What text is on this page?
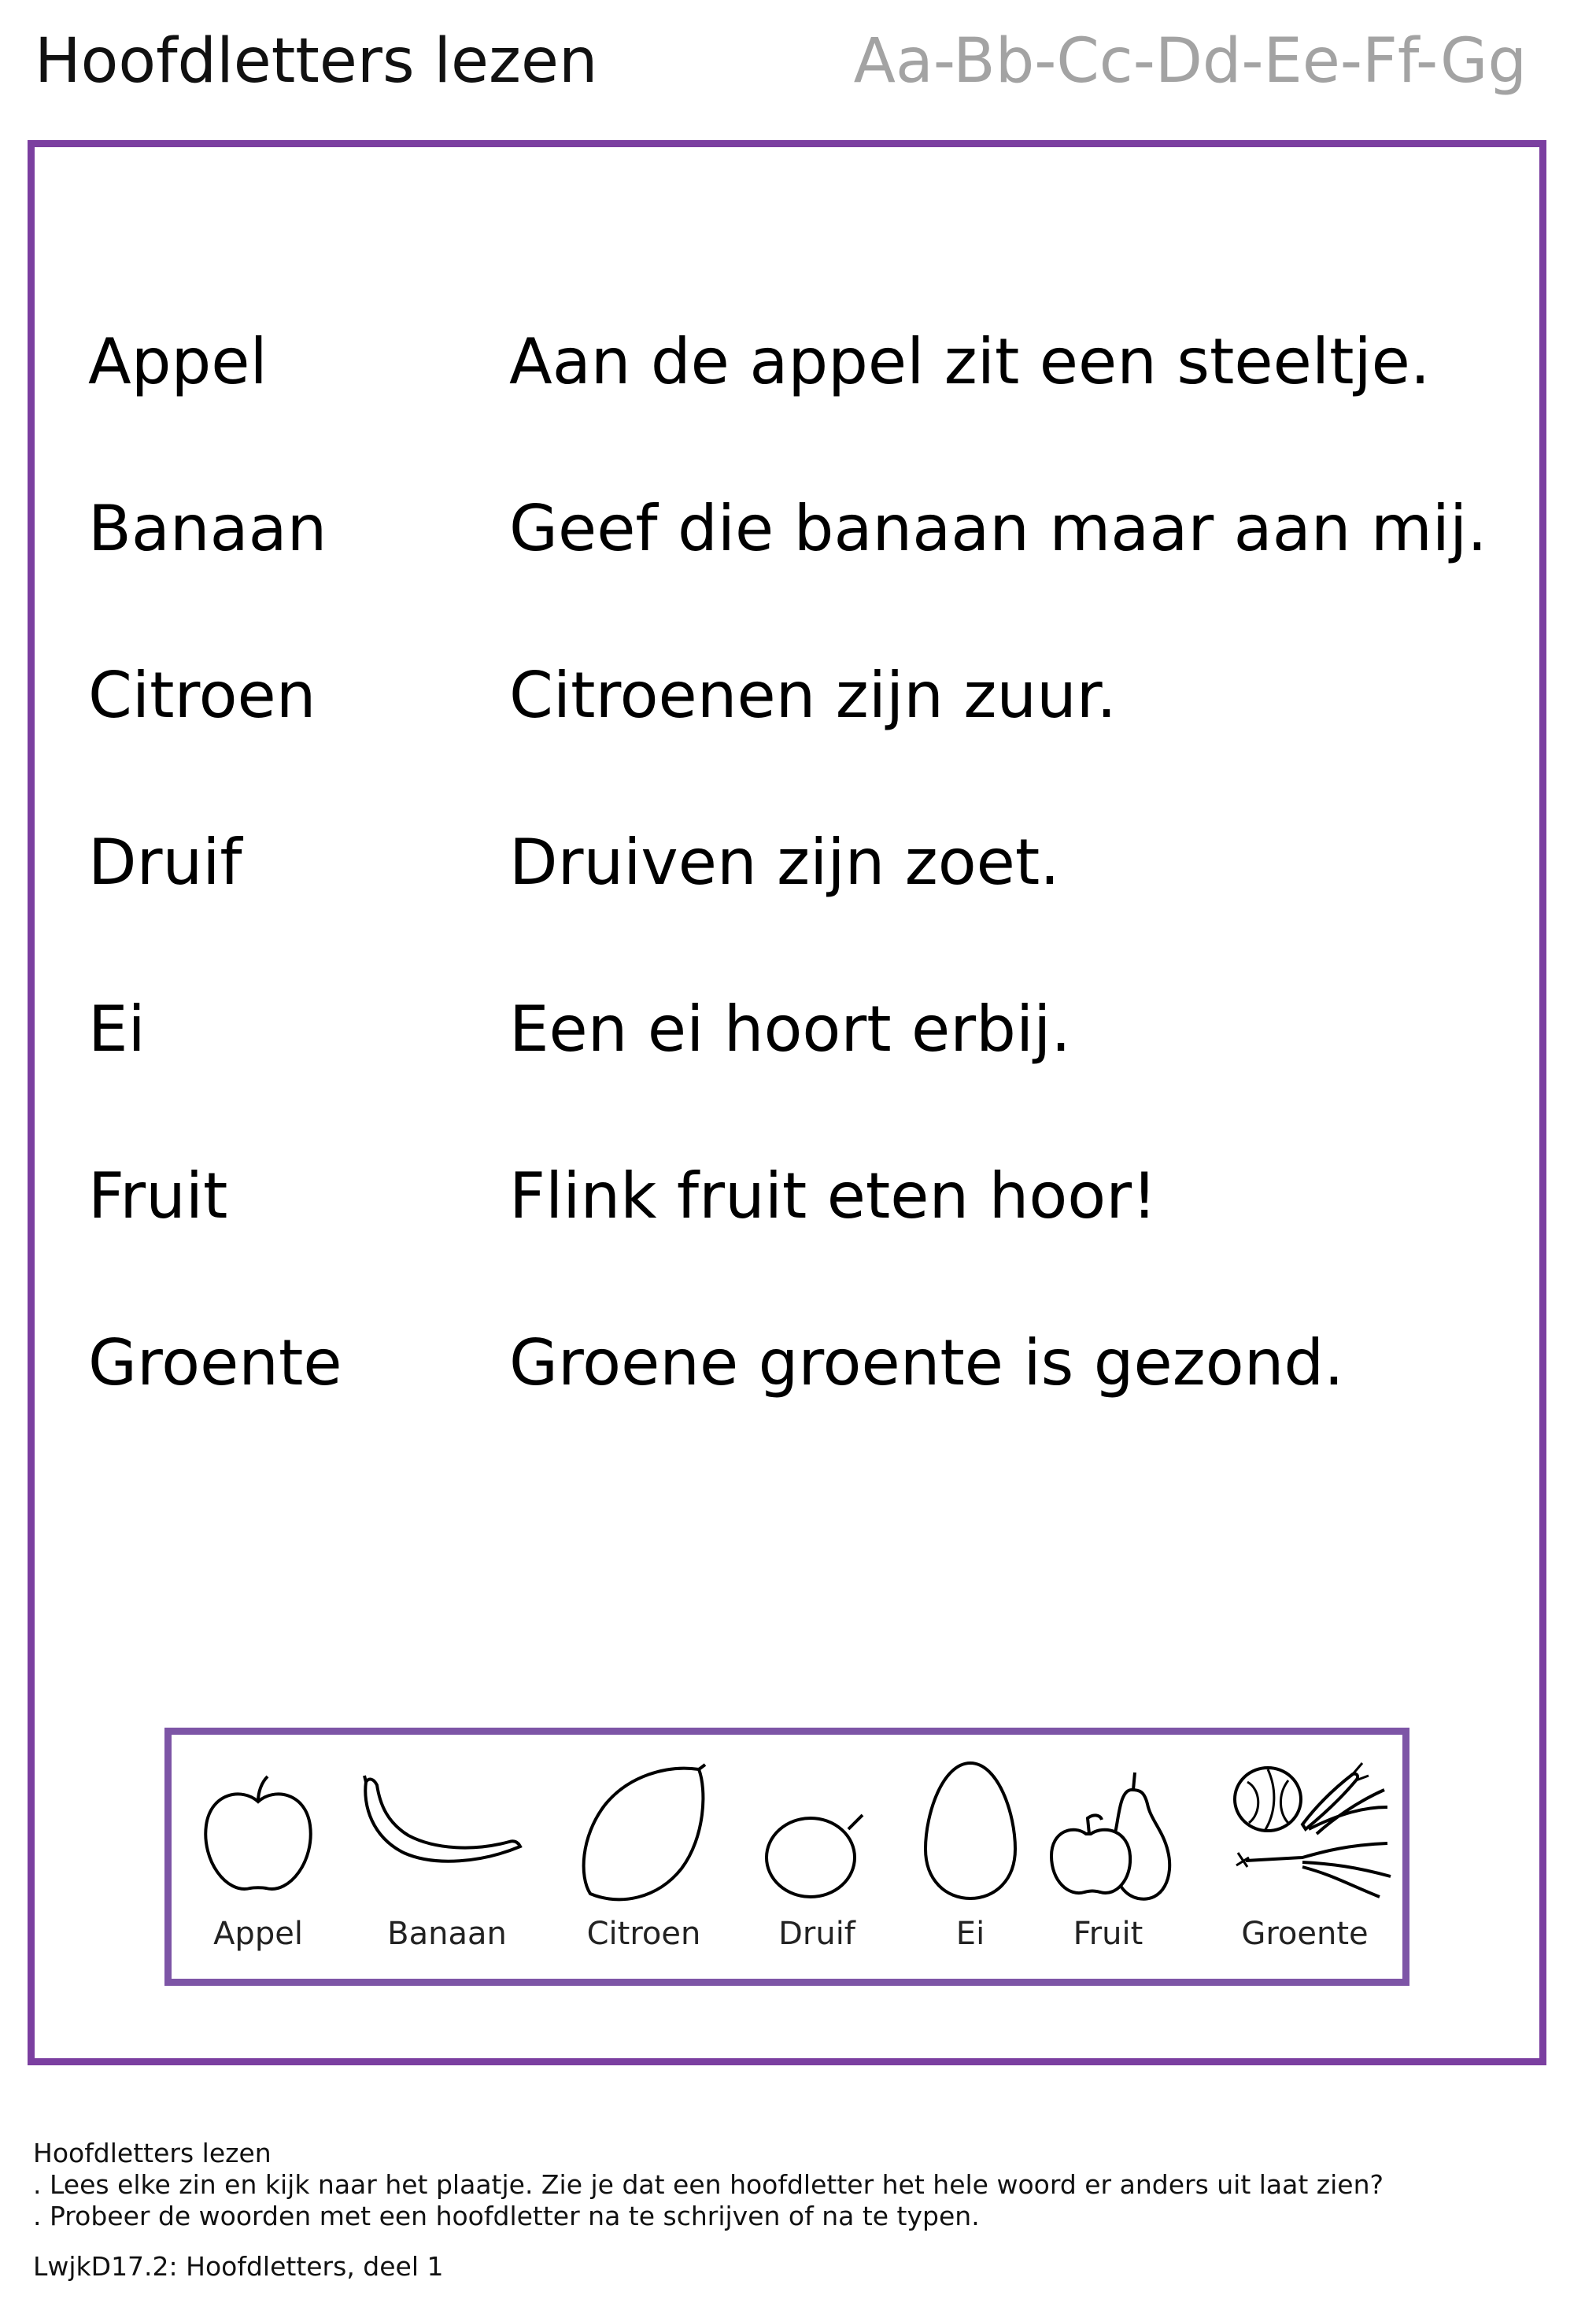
Hoofdletters lezen	Aa-Bb-Cc-Dd-Ee-Ff-Gg
Appel	Aan de appel zit een steeltje.
Banaan	Geef die banaan maar aan mij.
Citroen	Citroenen zijn zuur.
Druif	Druiven zijn zoet.
Ei	Een ei hoort erbij.
Fruit	Flink fruit eten hoor!
Groente	Groene groente is gezond.
Appel	Banaan	Citroen	Druif	Ei	Fruit	Groente
Hoofdletters lezen
. Lees elke zin en kijk naar het plaatje. Zie je dat een hoofdletter het hele woord er anders uit laat zien?
. Probeer de woorden met een hoofdletter na te schrijven of na te typen.
LwjkD17.2: Hoofdletters, deel 1
